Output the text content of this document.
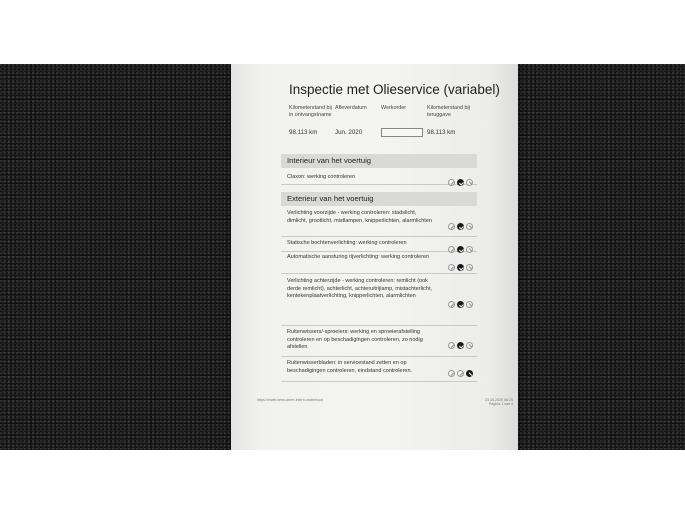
Inspectie met Olieservice (variabel)
Kilometerstand bij in ontvangstname
98.113 km
Afleverdatum
Jun. 2020
Werkorder	Kilometerstand bij teruggave
98.113 km
Interieur van het voertuig
Claxon: werking controleren
Exterieur van het voertuig
Verlichting voorzijde - werking controleren: stadslicht, dimlicht, grootlicht, mistlampen, knipperlichten, alarmlichten
Statische bochtenverlichting: werking controleren
Automatische aansturing rijverlichting: werking controleren
Verlichting achterzijde - werking controleren: remlicht (ook derde remlicht), achterlicht, achteruitrijlamp, mistachterlicht, kentekenplaatverlichting, knipperlichten, alarmlichten
Ruitenwissers/-sproeiers: werking en sproeierafstelling controleren en op beschadigingen controleren, zo nodig afstellen
Ruitenwisserbladen: in servicestand zetten en op beschadigingen controleren, eindstand controleren.
https://erwin.bmw.ce/en-intern-onderhoud	23.34.2020 08:25
Pagina 1 van 4
